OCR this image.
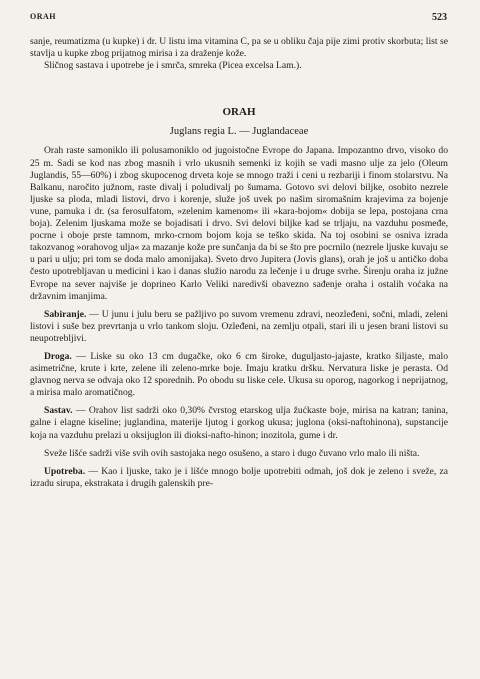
ORAH	523

sanje, reumatizma (u kupke) i dr. U listu ima vitamina C, pa se u obliku čaja pije zimi protiv skorbuta; list se stavlja u kupke zbog prijatnog mirisa i za draženje kože.

Sličnog sastava i upotrebe je i smrča, smreka (Picea excelsa Lam.).

ORAH

Juglans regia L. — Juglandaceae

Orah raste samoniklo ili polusamoniklo od jugoistočne Evrope do Japana. Impozantno drvo, visoko do 25 m. Sadi se kod nas zbog masnih i vrlo ukusnih semenki iz kojih se vadi masno ulje za jelo (Oleum Juglandis, 55—60%) i zbog skupocenog drveta koje se mnogo traži i ceni u rezbariji i finom stolarstvu. Na Balkanu, naročito južnom, raste divalj i poludivalj po šumama. Gotovo svi delovi biljke, osobito nezrele ljuske sa ploda, mladi listovi, drvo i korenje, služe još uvek po našim siromašnim krajevima za bojenje vune, pamuka i dr. (sa ferosulfatom, »zelenim kamenom« ili »kara-bojom« dobija se lepa, postojana crna boja). Zelenim ljuskama može se bojadisati i drvo. Svi delovi biljke kad se trljaju, na vazduhu posmeđe, pocrne i oboje prste tamnom, mrko-crnom bojom koja se teško skida. Na toj osobini se osniva izrada takozvanog »orahovog ulja« za mazanje kože pre sunčanja da bi se što pre pocrnilo (nezrele ljuske kuvaju se u pari u ulju; pri tom se doda malo amonijaka). Sveto drvo Jupitera (Jovis glans), orah je još u antičko doba često upotrebljavan u medicini i kao i danas služio narodu za lečenje i u druge svrhe. Širenju oraha iz južne Evrope na sever najviše je doprineo Karlo Veliki naredivši obavezno sađenje oraha i ostalih voćaka na državnim imanjima.

Sabiranje. — U junu i julu beru se pažljivo po suvom vremenu zdravi, neozleđeni, sočni, mladi, zeleni listovi i suše bez prevrtanja u vrlo tankom sloju. Ozleđeni, na zemlju otpali, stari ili u jesen brani listovi su neupotrebljivi.

Droga. — Liske su oko 13 cm dugačke, oko 6 cm široke, duguljasto-jajaste, kratko šiljaste, malo asimetrične, krute i krte, zelene ili zeleno-mrke boje. Imaju kratku dršku. Nervatura liske je perasta. Od glavnog nerva se odvaja oko 12 sporednih. Po obodu su liske cele. Ukusa su oporog, nagorkog i neprijatnog, a mirisa malo aromatičnog.

Sastav. — Orahov list sadrži oko 0,30% čvrstog etarskog ulja žućkaste boje, mirisa na katran; tanina, galne i elagne kiseline; juglandina, materije ljutog i gorkog ukusa; juglona (oksi-naftohinona), supstancije koja na vazduhu prelazi u oksijuglon ili dioksi-nafto-hinon; inozitola, gume i dr.

Sveže lišće sadrži više svih ovih sastojaka nego osušeno, a staro i dugo čuvano vrlo malo ili ništa.

Upotreba. — Kao i ljuske, tako je i lišće mnogo bolje upotrebiti odmah, još dok je zeleno i sveže, za izradu sirupa, ekstrakata i drugih galenskih pre-
